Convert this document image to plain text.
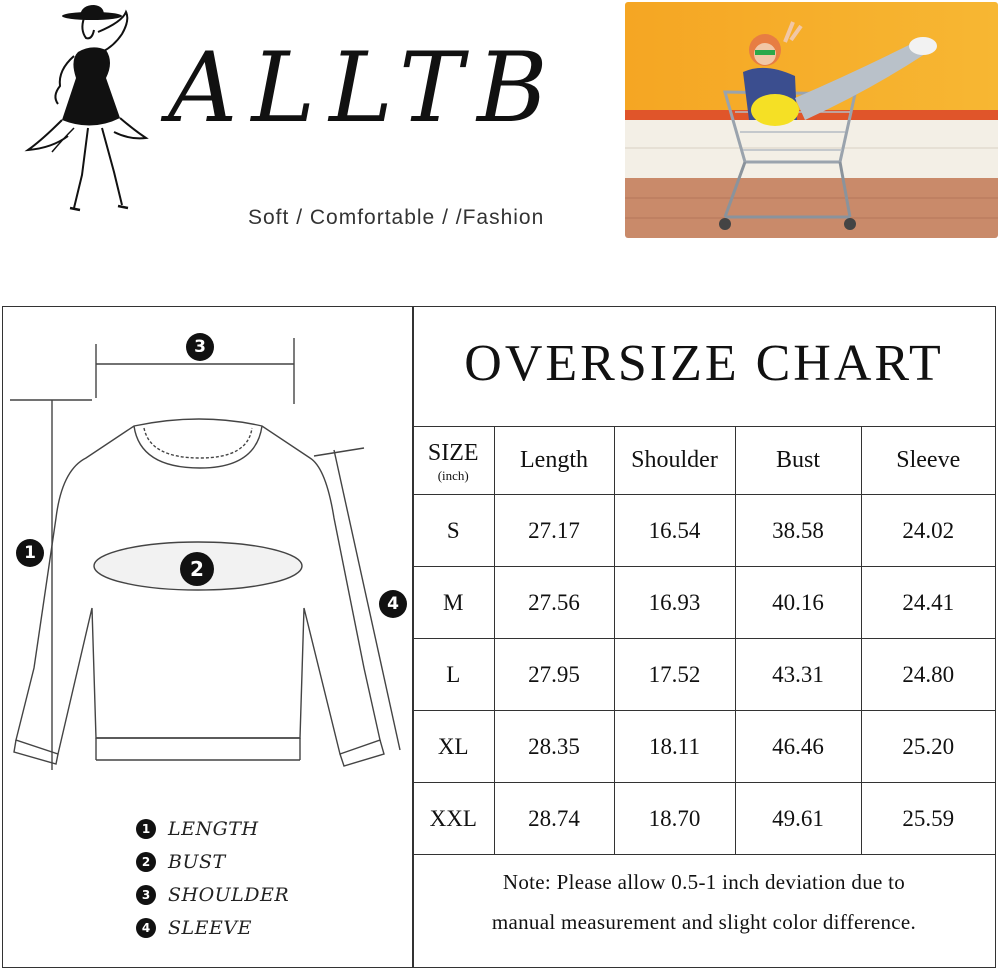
ALLTB
Soft / Comfortable / /Fashion
3
1
2
4
1 LENGTH
2 BUST
3 SHOULDER
4 SLEEVE
OVERSIZE CHART
SIZE
(inch)	Length	Shoulder	Bust	Sleeve
S	27.17	16.54	38.58	24.02
M	27.56	16.93	40.16	24.41
L	27.95	17.52	43.31	24.80
XL	28.35	18.11	46.46	25.20
XXL	28.74	18.70	49.61	25.59
Note: Please allow 0.5-1 inch deviation due to
manual measurement and slight color difference.
